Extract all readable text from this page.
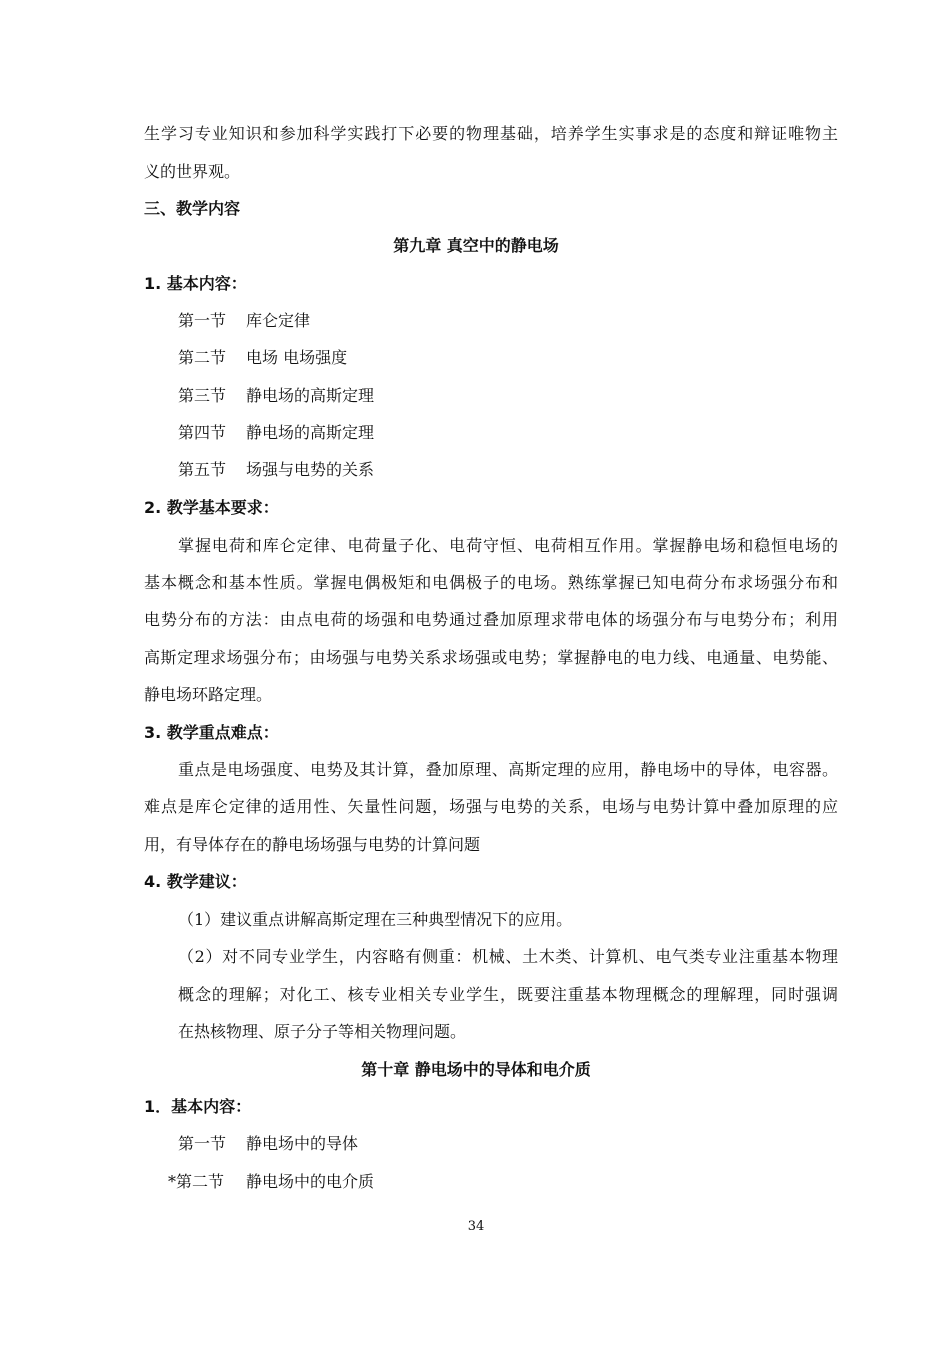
生学习专业知识和参加科学实践打下必要的物理基础，培养学生实事求是的态度和辩证唯物主
义的世界观。
三、教学内容
第九章 真空中的静电场
1. 基本内容：
第一节 库仑定律
第二节 电场 电场强度
第三节 静电场的高斯定理
第四节 静电场的高斯定理
第五节 场强与电势的关系
2. 教学基本要求：
掌握电荷和库仑定律、电荷量子化、电荷守恒、电荷相互作用。掌握静电场和稳恒电场的
基本概念和基本性质。掌握电偶极矩和电偶极子的电场。熟练掌握已知电荷分布求场强分布和
电势分布的方法：由点电荷的场强和电势通过叠加原理求带电体的场强分布与电势分布；利用
高斯定理求场强分布；由场强与电势关系求场强或电势；掌握静电的电力线、电通量、电势能、
静电场环路定理。
3. 教学重点难点：
重点是电场强度、电势及其计算，叠加原理、高斯定理的应用，静电场中的导体，电容器。
难点是库仑定律的适用性、矢量性问题，场强与电势的关系，电场与电势计算中叠加原理的应
用，有导体存在的静电场场强与电势的计算问题
4. 教学建议：
（1）建议重点讲解高斯定理在三种典型情况下的应用。
（2）对不同专业学生，内容略有侧重：机械、土木类、计算机、电气类专业注重基本物理
概念的理解；对化工、核专业相关专业学生，既要注重基本物理概念的理解理，同时强调
在热核物理、原子分子等相关物理问题。
第十章 静电场中的导体和电介质
1．基本内容：
第一节 静电场中的导体
*第二节 静电场中的电介质
34
